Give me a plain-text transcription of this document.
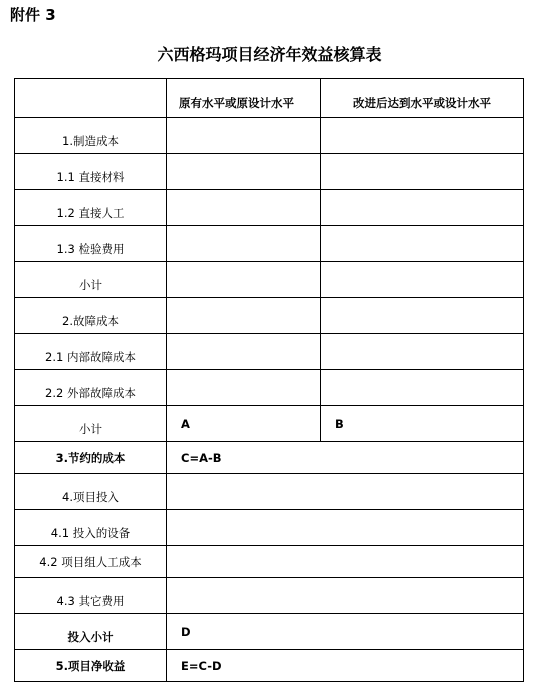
附件 3
六西格玛项目经济年效益核算表
	原有水平或原设计水平	改进后达到水平或设计水平
1.制造成本		
1.1 直接材料		
1.2 直接人工		
1.3 检验费用		
小计		
2.故障成本		
2.1 内部故障成本		
2.2 外部故障成本		
小计	A	B
3.节约的成本	C=A-B	
4.项目投入		
4.1 投入的设备		
4.2 项目组人工成本		
4.3 其它费用		
投入小计	D	
5.项目净收益	E=C-D	
